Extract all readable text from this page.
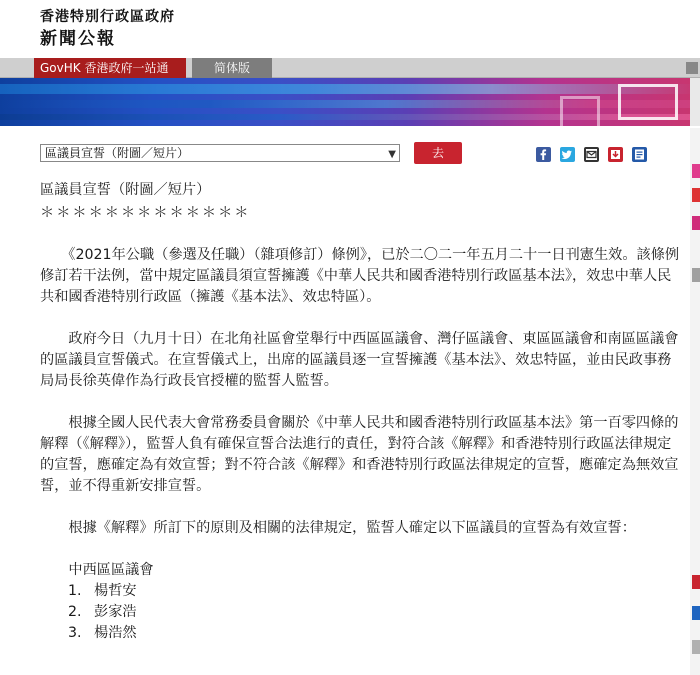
香港特別行政區政府
新聞公報
GovHK 香港政府一站通	简体版
區議員宣誓（附圖／短片）	▼	去
區議員宣誓（附圖／短片）
＊＊＊＊＊＊＊＊＊＊＊＊＊
　　《2021年公職（參選及任職）（雜項修訂）條例》，已於二〇二一年五月二十一日刊憲生效。該條例修訂若干法例，當中規定區議員須宣誓擁護《中華人民共和國香港特別行政區基本法》，效忠中華人民共和國香港特別行政區（擁護《基本法》、效忠特區）。
　　政府今日（九月十日）在北角社區會堂舉行中西區區議會、灣仔區議會、東區區議會和南區區議會的區議員宣誓儀式。在宣誓儀式上，出席的區議員逐一宣誓擁護《基本法》、效忠特區，並由民政事務局局長徐英偉作為行政長官授權的監誓人監誓。
　　根據全國人民代表大會常務委員會關於《中華人民共和國香港特別行政區基本法》第一百零四條的解釋（《解釋》），監誓人負有確保宣誓合法進行的責任，對符合該《解釋》和香港特別行政區法律規定的宣誓，應確定為有效宣誓；對不符合該《解釋》和香港特別行政區法律規定的宣誓，應確定為無效宣誓，並不得重新安排宣誓。
　　根據《解釋》所訂下的原則及相關的法律規定，監誓人確定以下區議員的宣誓為有效宣誓：
　　中西區區議會
1. 楊哲安
2. 彭家浩
3. 楊浩然
